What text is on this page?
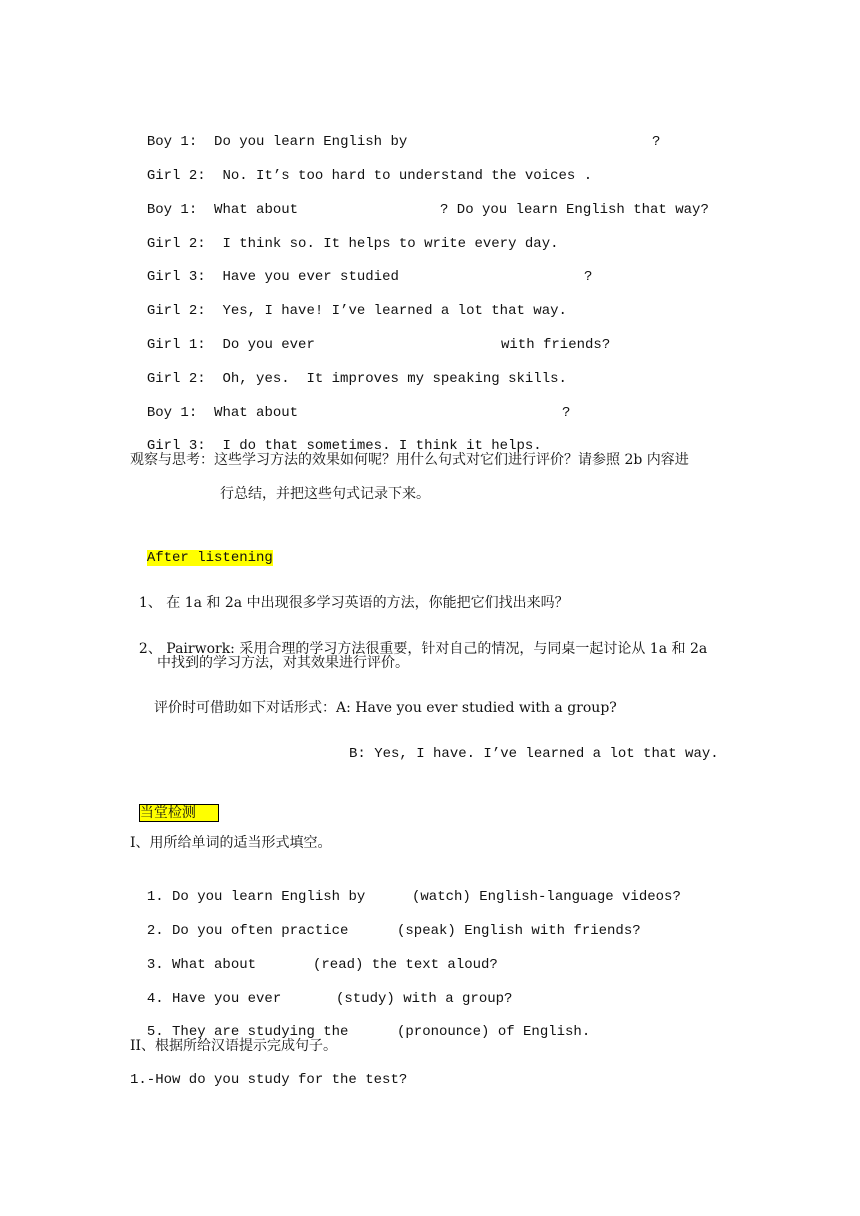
Boy 1: Do you learn English by	?

Girl 2: No. It’s too hard to understand the voices .

Boy 1: What about	? Do you learn English that way?

Girl 2: I think so. It helps to write every day.

Girl 3: Have you ever studied	?

Girl 2: Yes, I have! I’ve learned a lot that way.

Girl 1: Do you ever	with friends?

Girl 2: Oh, yes.  It improves my speaking skills.

Boy 1: What about	?

Girl 3: I do that sometimes. I think it helps.

观察与思考：这些学习方法的效果如何呢？用什么句式对它们进行评价？请参照 2b 内容进
行总结，并把这些句式记录下来。

After listening

1、 在 1a 和 2a 中出现很多学习英语的方法，你能把它们找出来吗？

2、 Pairwork: 采用合理的学习方法很重要，针对自己的情况，与同桌一起讨论从 1a 和 2a

中找到的学习方法，对其效果进行评价。
评价时可借助如下对话形式：A: Have you ever studied with a group?
B: Yes, I have. I’ve learned a lot that way.

当堂检测

I、用所给单词的适当形式填空。

1. Do you learn English by	(watch) English-language videos?

2. Do you often practice	(speak) English with friends?

3. What about	(read) the text aloud?

4. Have you ever	(study) with a group?

5. They are studying the	(pronounce) of English.

II、根据所给汉语提示完成句子。
1.-How do you study for the test?
